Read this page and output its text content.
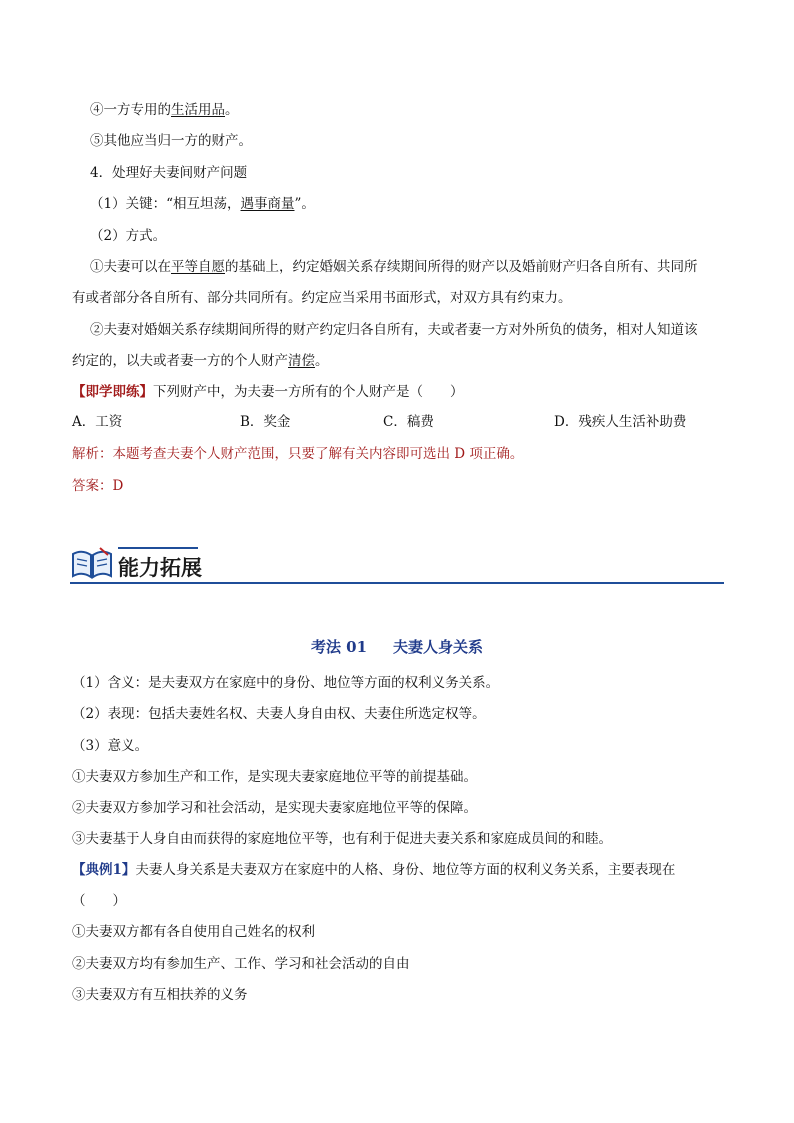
④一方专用的生活用品。
⑤其他应当归一方的财产。
4．处理好夫妻间财产问题
（1）关键：“相互坦荡，遇事商量”。
（2）方式。
①夫妻可以在平等自愿的基础上，约定婚姻关系存续期间所得的财产以及婚前财产归各自所有、共同所
有或者部分各自所有、部分共同所有。约定应当采用书面形式，对双方具有约束力。
②夫妻对婚姻关系存续期间所得的财产约定归各自所有，夫或者妻一方对外所负的债务，相对人知道该
约定的，以夫或者妻一方的个人财产清偿。
【即学即练】下列财产中，为夫妻一方所有的个人财产是（　　）
A．工资	B．奖金	C．稿费	D．残疾人生活补助费
解析：本题考查夫妻个人财产范围，只要了解有关内容即可选出 D 项正确。
答案：D
能力拓展
考法 01 夫妻人身关系
（1）含义：是夫妻双方在家庭中的身份、地位等方面的权利义务关系。
（2）表现：包括夫妻姓名权、夫妻人身自由权、夫妻住所选定权等。
（3）意义。
①夫妻双方参加生产和工作，是实现夫妻家庭地位平等的前提基础。
②夫妻双方参加学习和社会活动，是实现夫妻家庭地位平等的保障。
③夫妻基于人身自由而获得的家庭地位平等，也有利于促进夫妻关系和家庭成员间的和睦。
【典例1】夫妻人身关系是夫妻双方在家庭中的人格、身份、地位等方面的权利义务关系，主要表现在
（　　）
①夫妻双方都有各自使用自己姓名的权利
②夫妻双方均有参加生产、工作、学习和社会活动的自由
③夫妻双方有互相扶养的义务
